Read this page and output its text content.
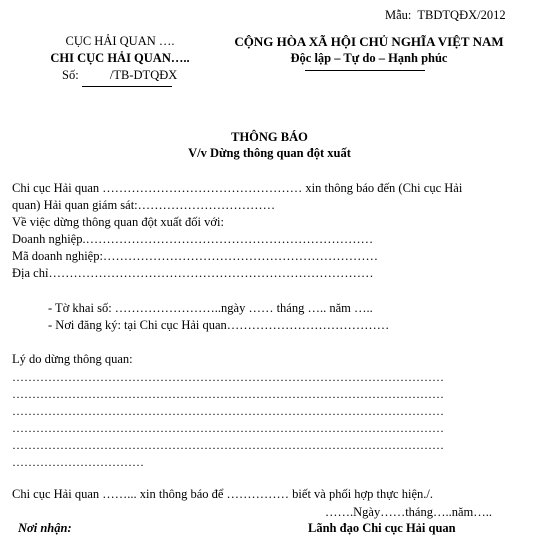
Mẫu:  TBDTQĐX/2012
CỤC HẢI QUAN ….
CHI CỤC HẢI QUAN…..
Số:          /TB-DTQĐX
CỘNG HÒA XÃ HỘI CHỦ NGHĨA VIỆT NAM
Độc lập – Tự do – Hạnh phúc
THÔNG BÁO
V/v Dừng thông quan đột xuất
Chi cục Hải quan ………………………………………… xin thông báo đến (Chi cục Hải
quan) Hải quan giám sát:……………………………
Về việc dừng thông quan đột xuất đối với:
Doanh nghiệp.……………………………………………………………
Mã doanh nghiệp:…………………………………………………………
Địa chỉ……………………………………………………………………
- Tờ khai số: ……………………..ngày …… tháng ….. năm …..
- Nơi đăng ký: tại Chi cục Hải quan…………………………………
Lý do dừng thông quan:
………………………………………………………………………………………………
………………………………………………………………………………………………
………………………………………………………………………………………………
………………………………………………………………………………………………
………………………………………………………………………………………………
……………………………
Chi cục Hải quan ……... xin thông báo để …………… biết và phối hợp thực hiện./.
…….Ngày……tháng…..năm…..
Nơi nhận:	Lãnh đạo Chi cục Hải quan
